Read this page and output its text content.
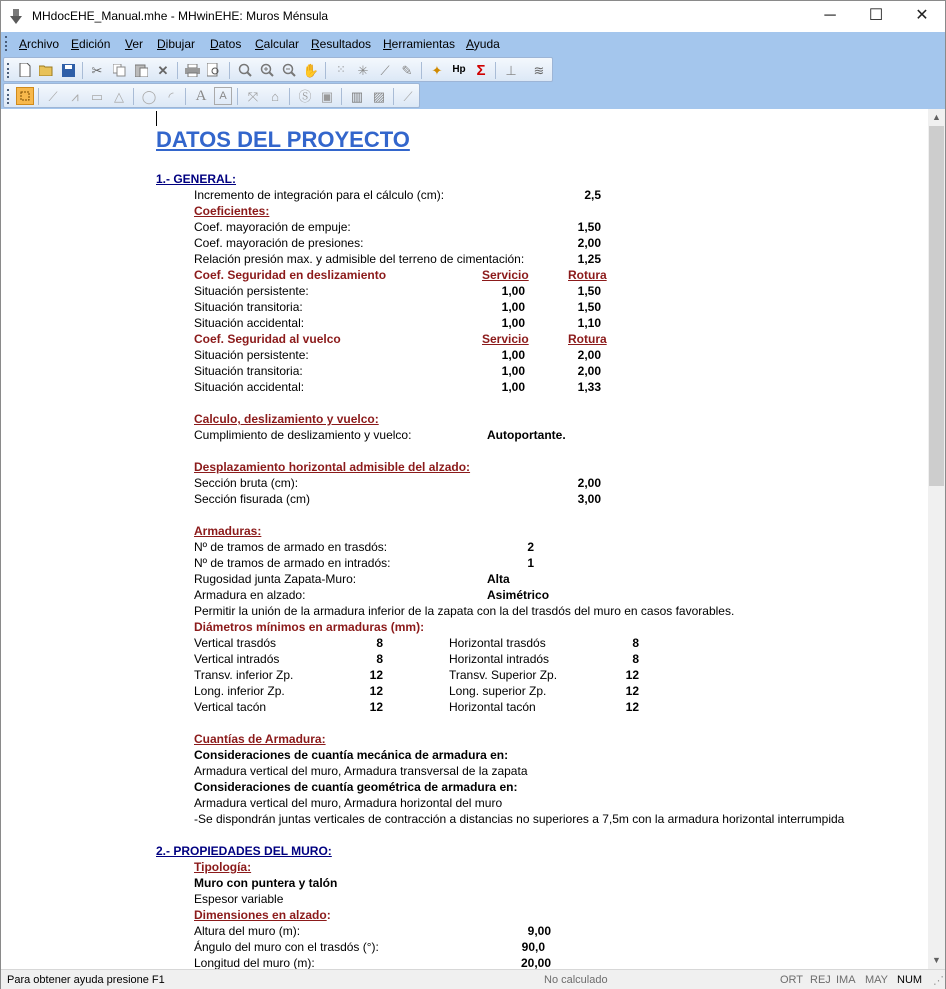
MHdocEHE_Manual.mhe - MHwinEHE: Muros Ménsula	─	☐	✕
Archivo Edición Ver Dibujar Datos Calcular Resultados Herramientas Ayuda
✂	✕	✋	⁙ ✳ ⟋ ✎ ✦ Hp Σ	⊥ ≋
⟋	⩘ ▭ △	◯ ◜	A	A	⤧ ⌂	Ⓢ ▣ ▥ ▨	⟋
DATOS DEL PROYECTO
1.- GENERAL:
Incremento de integración para el cálculo (cm):	2,5
Coeficientes:
Coef. mayoración de empuje:	1,50
Coef. mayoración de presiones:	2,00
Relación presión max. y admisible del terreno de cimentación:	1,25
Coef. Seguridad en deslizamiento	Servicio	Rotura
Situación persistente:	1,00	1,50
Situación transitoria:	1,00	1,50
Situación accidental:	1,00	1,10
Coef. Seguridad al vuelco	Servicio	Rotura
Situación persistente:	1,00	2,00
Situación transitoria:	1,00	2,00
Situación accidental:	1,00	1,33
Calculo, deslizamiento y vuelco:
Cumplimiento de deslizamiento y vuelco:	Autoportante.
Desplazamiento horizontal admisible del alzado:
Sección bruta (cm):	2,00
Sección fisurada (cm)	3,00
Armaduras:
Nº de tramos de armado en trasdós:	2
Nº de tramos de armado en intradós:	1
Rugosidad junta Zapata-Muro:	Alta
Armadura en alzado:	Asimétrico
Permitir la unión de la armadura inferior de la zapata con la del trasdós del muro en casos favorables.
Diámetros mínimos en armaduras (mm):
Vertical trasdós	8	Horizontal trasdós	8
Vertical intradós	8	Horizontal intradós	8
Transv. inferior Zp.	12	Transv. Superior Zp.	12
Long. inferior Zp.	12	Long. superior Zp.	12
Vertical tacón	12	Horizontal tacón	12
Cuantías de Armadura:
Consideraciones de cuantía mecánica de armadura en:
Armadura vertical del muro, Armadura transversal de la zapata
Consideraciones de cuantía geométrica de armadura en:
Armadura vertical del muro, Armadura horizontal del muro
-Se dispondrán juntas verticales de contracción a distancias no superiores a 7,5m con la armadura horizontal interrumpida
2.- PROPIEDADES DEL MURO:
Tipología:
Muro con puntera y talón
Espesor variable
Dimensiones en alzado:
Altura del muro (m):	9,00
Ángulo del muro con el trasdós (°):	90,0
Longitud del muro (m):	20,00
▲
▼
Para obtener ayuda presione F1	No calculado	ORT REJ IMA MAY NUM ⋰
